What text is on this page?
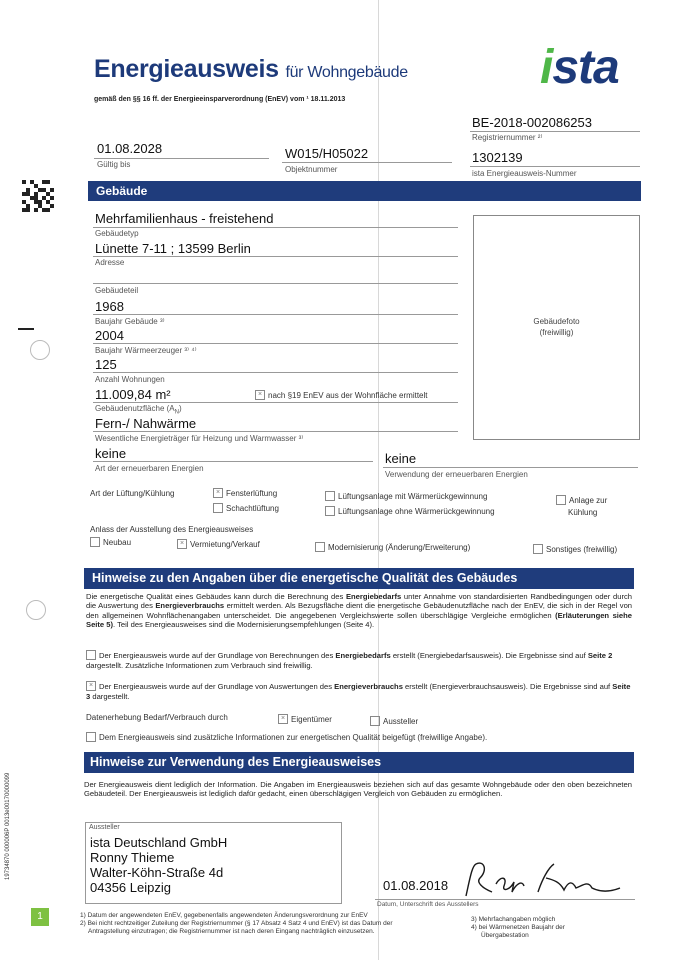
Energieausweis für Wohngebäude
gemäß den §§ 16 ff. der Energieeinsparverordnung (EnEV) vom ¹ 18.11.2013
ista
BE-2018-002086253
Registriernummer ²⁾
01.08.2028
Gültig bis
W015/H05022
Objektnummer
1302139
ista Energieausweis-Nummer
Gebäude
Mehrfamilienhaus - freistehend
Gebäudetyp
Lünette 7-11 ; 13599 Berlin
Adresse
Gebäudeteil
1968
Baujahr Gebäude ³⁾
2004
Baujahr Wärmeerzeuger ³⁾ ⁴⁾
125
Anzahl Wohnungen
11.009,84 m²	× nach §19 EnEV aus der Wohnfläche ermittelt
Gebäudenutzfläche $(A_N)$
Fern-/ Nahwärme
Wesentliche Energieträger für Heizung und Warmwasser ³⁾
keine
Art der erneuerbaren Energien
keine
Verwendung der erneuerbaren Energien
Gebäudefoto
(freiwillig)
Art der Lüftung/Kühlung	× Fensterlüftung
Schachtlüftung
Lüftungsanlage mit Wärmerückgewinnung
Lüftungsanlage ohne Wärmerückgewinnung
Anlage zur
Kühlung
Anlass der Ausstellung des Energieausweises
Neubau	× Vermietung/Verkauf	Modernisierung (Änderung/Erweiterung)	Sonstiges (freiwillig)
Hinweise zu den Angaben über die energetische Qualität des Gebäudes
Die energetische Qualität eines Gebäudes kann durch die Berechnung des Energiebedarfs unter Annahme von standardisierten Randbedingungen oder durch die Auswertung des Energieverbrauchs ermittelt werden. Als Bezugsfläche dient die energetische Gebäudenutzfläche nach der EnEV, die sich in der Regel von den allgemeinen Wohnflächenangaben unterscheidet. Die angegebenen Vergleichswerte sollen überschlägige Vergleiche ermöglichen (Erläuterungen siehe Seite 5). Teil des Energieausweises sind die Modernisierungsempfehlungen (Seite 4).
Der Energieausweis wurde auf der Grundlage von Berechnungen des Energiebedarfs erstellt (Energiebedarfsausweis). Die Ergebnisse sind auf Seite 2 dargestellt. Zusätzliche Informationen zum Verbrauch sind freiwillig.
× Der Energieausweis wurde auf der Grundlage von Auswertungen des Energieverbrauchs erstellt (Energieverbrauchsausweis). Die Ergebnisse sind auf Seite 3 dargestellt.
Datenerhebung Bedarf/Verbrauch durch	× Eigentümer	Aussteller
Dem Energieausweis sind zusätzliche Informationen zur energetischen Qualität beigefügt (freiwillige Angabe).
Hinweise zur Verwendung des Energieausweises
Der Energieausweis dient lediglich der Information. Die Angaben im Energieausweis beziehen sich auf das gesamte Wohngebäude oder den oben bezeichneten Gebäudeteil. Der Energieausweis ist lediglich dafür gedacht, einen überschlägigen Vergleich von Gebäuden zu ermöglichen.
Aussteller
ista Deutschland GmbH
Ronny Thieme
Walter-Köhn-Straße 4d
04356 Leipzig	01.08.2018
Datum, Unterschrift des Ausstellers
1) Datum der angewendeten EnEV, gegebenenfalls angewendeten Änderungsverordnung zur EnEV
2) Bei nicht rechtzeitiger Zuteilung der Registriernummer (§ 17 Absatz 4 Satz 4 und EnEV) ist das Datum der
Antragstellung einzutragen; die Registriernummer ist nach deren Eingang nachträglich einzusetzen.
3) Mehrfachangaben möglich
4) bei Wärmenetzen Baujahr der
Übergabestation
19734870 000006P 0013e00170000099
1
